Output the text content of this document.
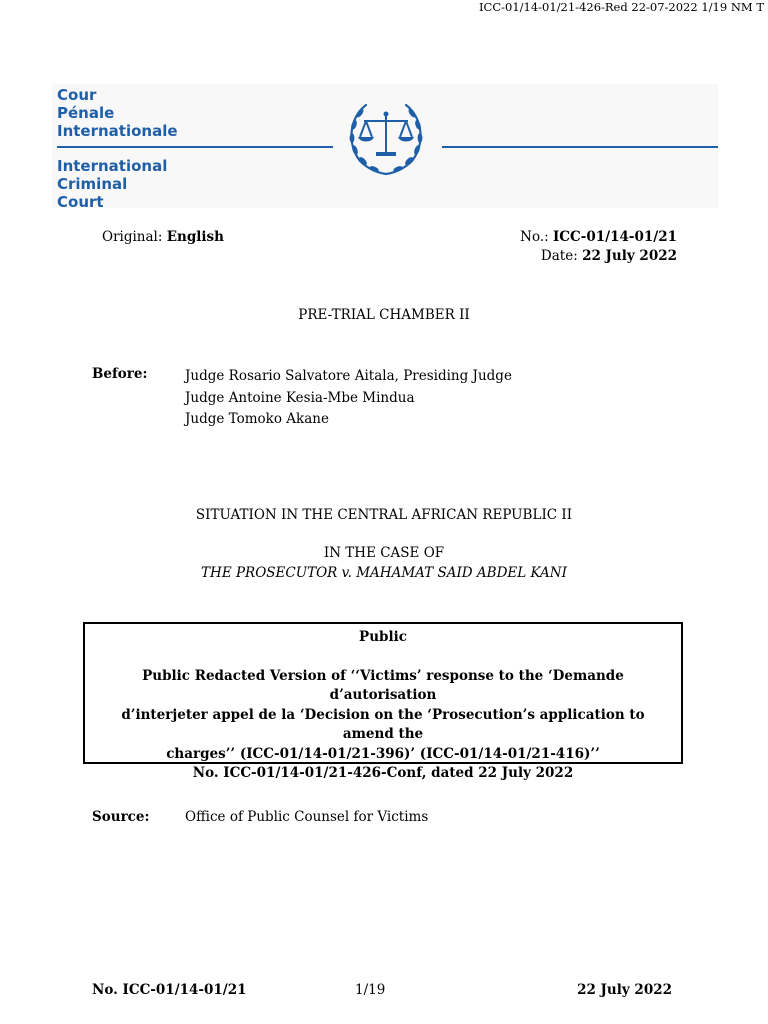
ICC-01/14-01/21-426-Red 22-07-2022 1/19 NM T
Cour
Pénale
Internationale
International
Criminal
Court
Original: English	No.: ICC-01/14-01/21
Date: 22 July 2022
PRE-TRIAL CHAMBER II
Before:	Judge Rosario Salvatore Aitala, Presiding Judge
Judge Antoine Kesia-Mbe Mindua
Judge Tomoko Akane
SITUATION IN THE CENTRAL AFRICAN REPUBLIC II
IN THE CASE OF
THE PROSECUTOR v. MAHAMAT SAID ABDEL KANI

Public

Public Redacted Version of ‘‘Victims’ response to the ‘Demande d’autorisation

d’interjeter appel de la ‘Decision on the ‘Prosecution’s application to amend the

charges’’ (ICC-01/14-01/21-396)’ (ICC-01/14-01/21-416)’’

No. ICC-01/14-01/21-426-Conf, dated 22 July 2022

Source:	Office of Public Counsel for Victims
No. ICC-01/14-01/21	1/19	22 July 2022
